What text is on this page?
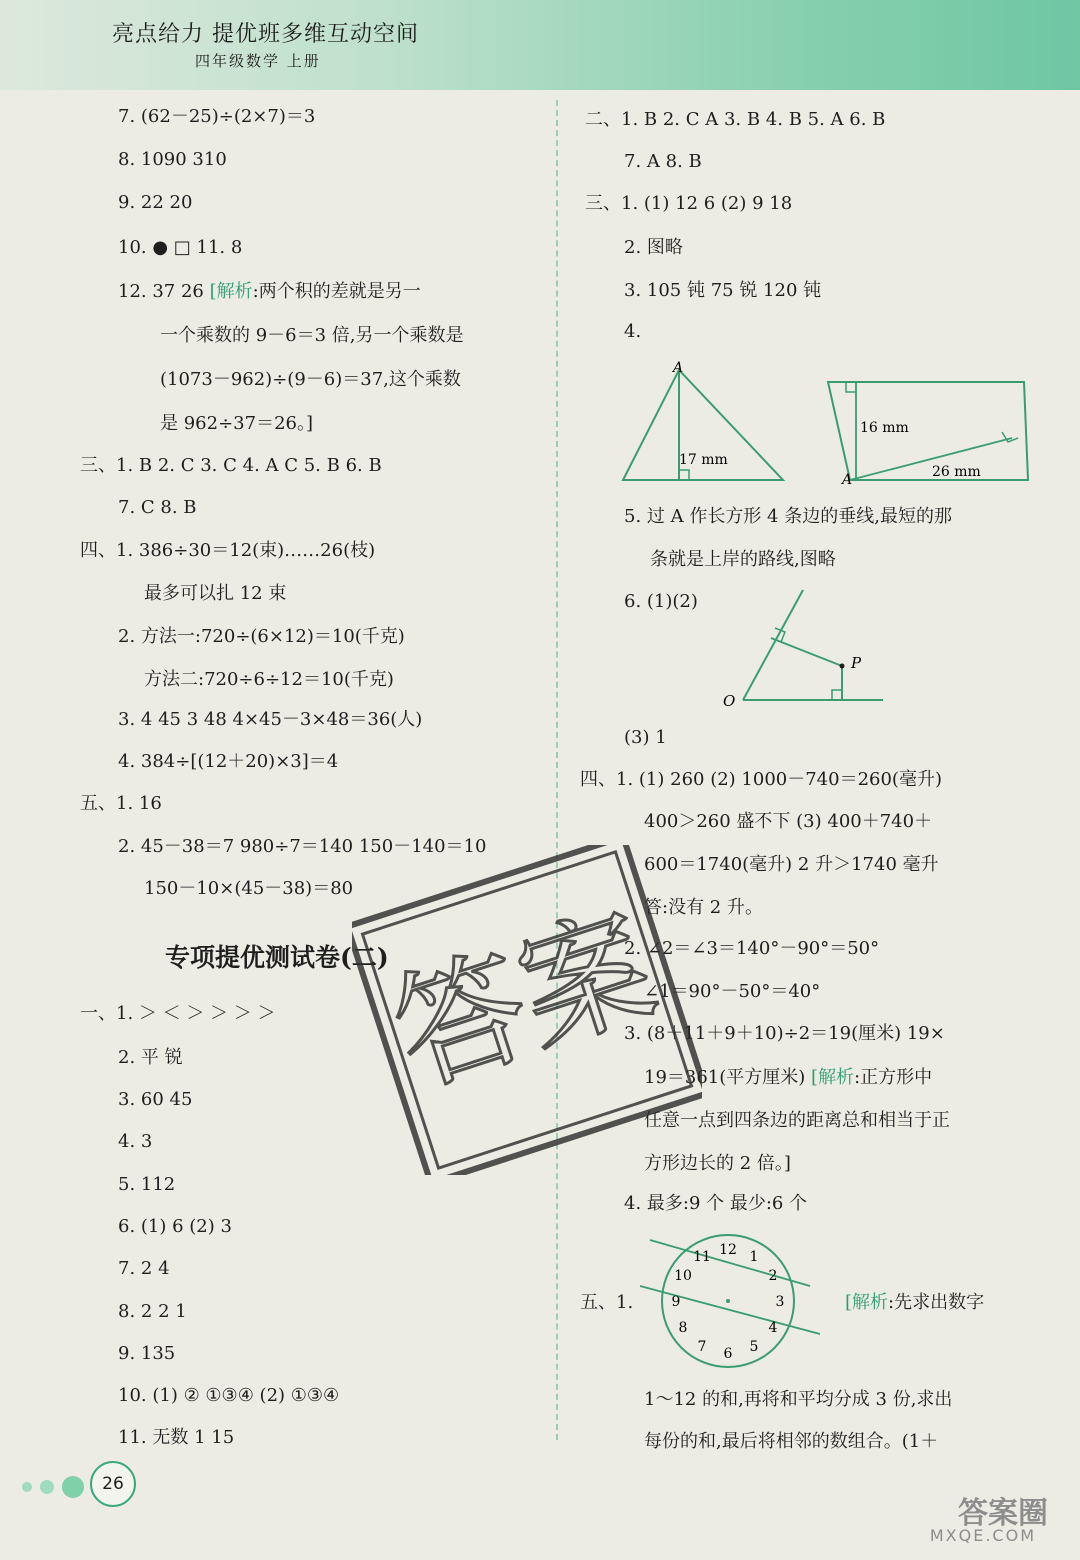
亮点给力 提优班多维互动空间
四年级数学 上册
7. (62－25)÷(2×7)＝3
8. 1090 310
9. 22 20
10. ● □ 11. 8
12. 37 26 [解析:两个积的差就是另一
一个乘数的 9－6＝3 倍,另一个乘数是
(1073－962)÷(9－6)＝37,这个乘数
是 962÷37＝26。]
三、1. B 2. C 3. C 4. A C 5. B 6. B
7. C 8. B
四、1. 386÷30＝12(束)……26(枝)
最多可以扎 12 束
2. 方法一:720÷(6×12)＝10(千克)
方法二:720÷6÷12＝10(千克)
3. 4 45 3 48 4×45－3×48＝36(人)
4. 384÷[(12＋20)×3]＝4
五、1. 16
2. 45－38＝7 980÷7＝140 150－140＝10
150－10×(45－38)＝80
专项提优测试卷(二)
一、1. ＞ ＜ ＞ ＞ ＞ ＞
2. 平 锐
3. 60 45
4. 3
5. 112
6. (1) 6 (2) 3
7. 2 4
8. 2 2 1
9. 135
10. (1) ② ①③④ (2) ①③④
11. 无数 1 15
二、1. B 2. C A 3. B 4. B 5. A 6. B
7. A 8. B
三、1. (1) 12 6 (2) 9 18
2. 图略
3. 105 钝 75 锐 120 钝
4.
A
17 mm
16 mm
26 mm
A
5. 过 A 作长方形 4 条边的垂线,最短的那
条就是上岸的路线,图略
6. (1)(2)
P
O
(3) 1
四、1. (1) 260 (2) 1000－740＝260(毫升)
400＞260 盛不下 (3) 400＋740＋
600＝1740(毫升) 2 升＞1740 毫升
答:没有 2 升。
2. ∠2＝∠3＝140°－90°＝50°
∠1＝90°－50°＝40°
3. (8＋11＋9＋10)÷2＝19(厘米) 19×
19＝361(平方厘米) [解析:正方形中
任意一点到四条边的距离总和相当于正
方形边长的 2 倍。]
4. 最多:9 个 最少:6 个
12 1
2
3
4
5
6
7
8
9
10
11
五、1.	[解析:先求出数字
1～12 的和,再将和平均分成 3 份,求出
每份的和,最后将相邻的数组合。(1＋
答案
26
答案圈
MXQE.COM
